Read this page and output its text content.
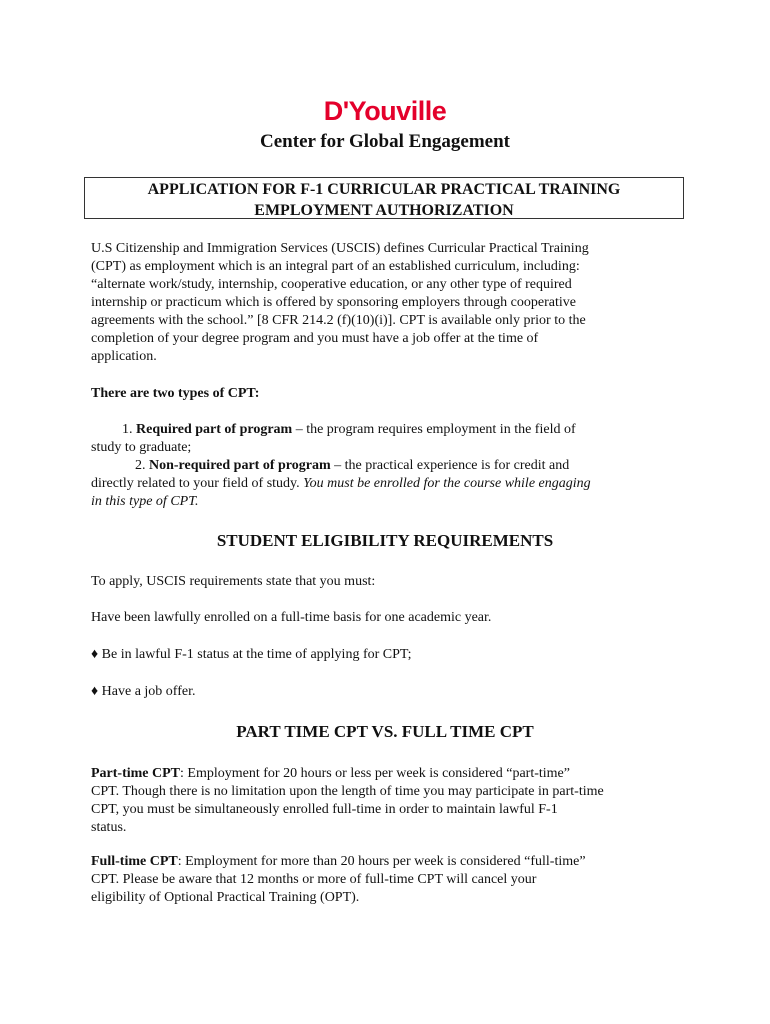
D'Youville
Center for Global Engagement
APPLICATION FOR F-1 CURRICULAR PRACTICAL TRAINING
EMPLOYMENT AUTHORIZATION
U.S Citizenship and Immigration Services (USCIS) defines Curricular Practical Training
(CPT) as employment which is an integral part of an established curriculum, including:
“alternate work/study, internship, cooperative education, or any other type of required
internship or practicum which is offered by sponsoring employers through cooperative
agreements with the school.” [8 CFR 214.2 (f)(10)(i)]. CPT is available only prior to the
completion of your degree program and you must have a job offer at the time of
application.
There are two types of CPT:
1. Required part of program – the program requires employment in the field of
study to graduate;
2. Non-required part of program – the practical experience is for credit and
directly related to your field of study. You must be enrolled for the course while engaging
in this type of CPT.
STUDENT ELIGIBILITY REQUIREMENTS
To apply, USCIS requirements state that you must:
Have been lawfully enrolled on a full-time basis for one academic year.
♦ Be in lawful F-1 status at the time of applying for CPT;
♦ Have a job offer.
PART TIME CPT VS. FULL TIME CPT
Part-time CPT: Employment for 20 hours or less per week is considered “part-time”
CPT. Though there is no limitation upon the length of time you may participate in part-time
CPT, you must be simultaneously enrolled full-time in order to maintain lawful F-1
status.
Full-time CPT: Employment for more than 20 hours per week is considered “full-time”
CPT. Please be aware that 12 months or more of full-time CPT will cancel your
eligibility of Optional Practical Training (OPT).
